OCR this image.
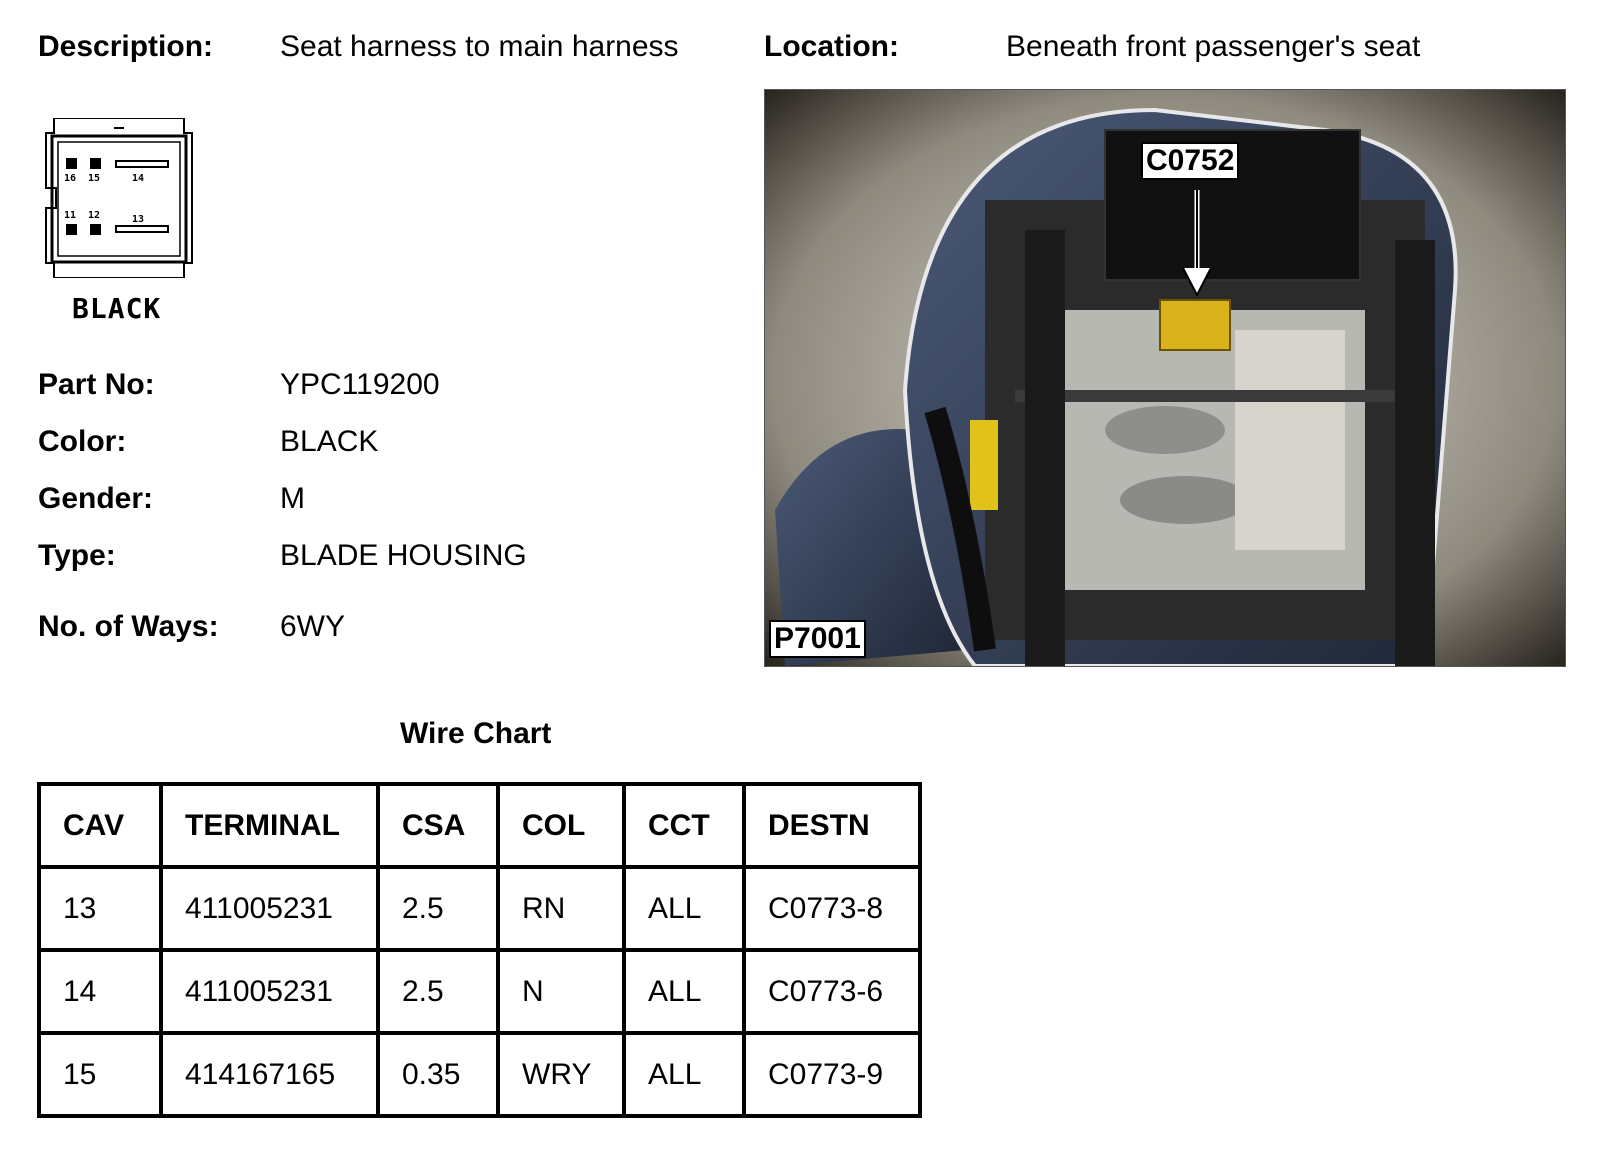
Description: Seat harness to main harness	Location:	Beneath front passenger's seat
16 15	14
11 12	13
BLACK
Part No:	YPC119200
Color:	BLACK
Gender:	M
Type:	BLADE HOUSING
No. of Ways: 6WY
C0752
P7001
Wire Chart
CAV	TERMINAL	CSA	COL	CCT	DESTN
13	411005231	2.5	RN	ALL	C0773-8
14	411005231	2.5	N	ALL	C0773-6
15	414167165	0.35	WRY	ALL	C0773-9
